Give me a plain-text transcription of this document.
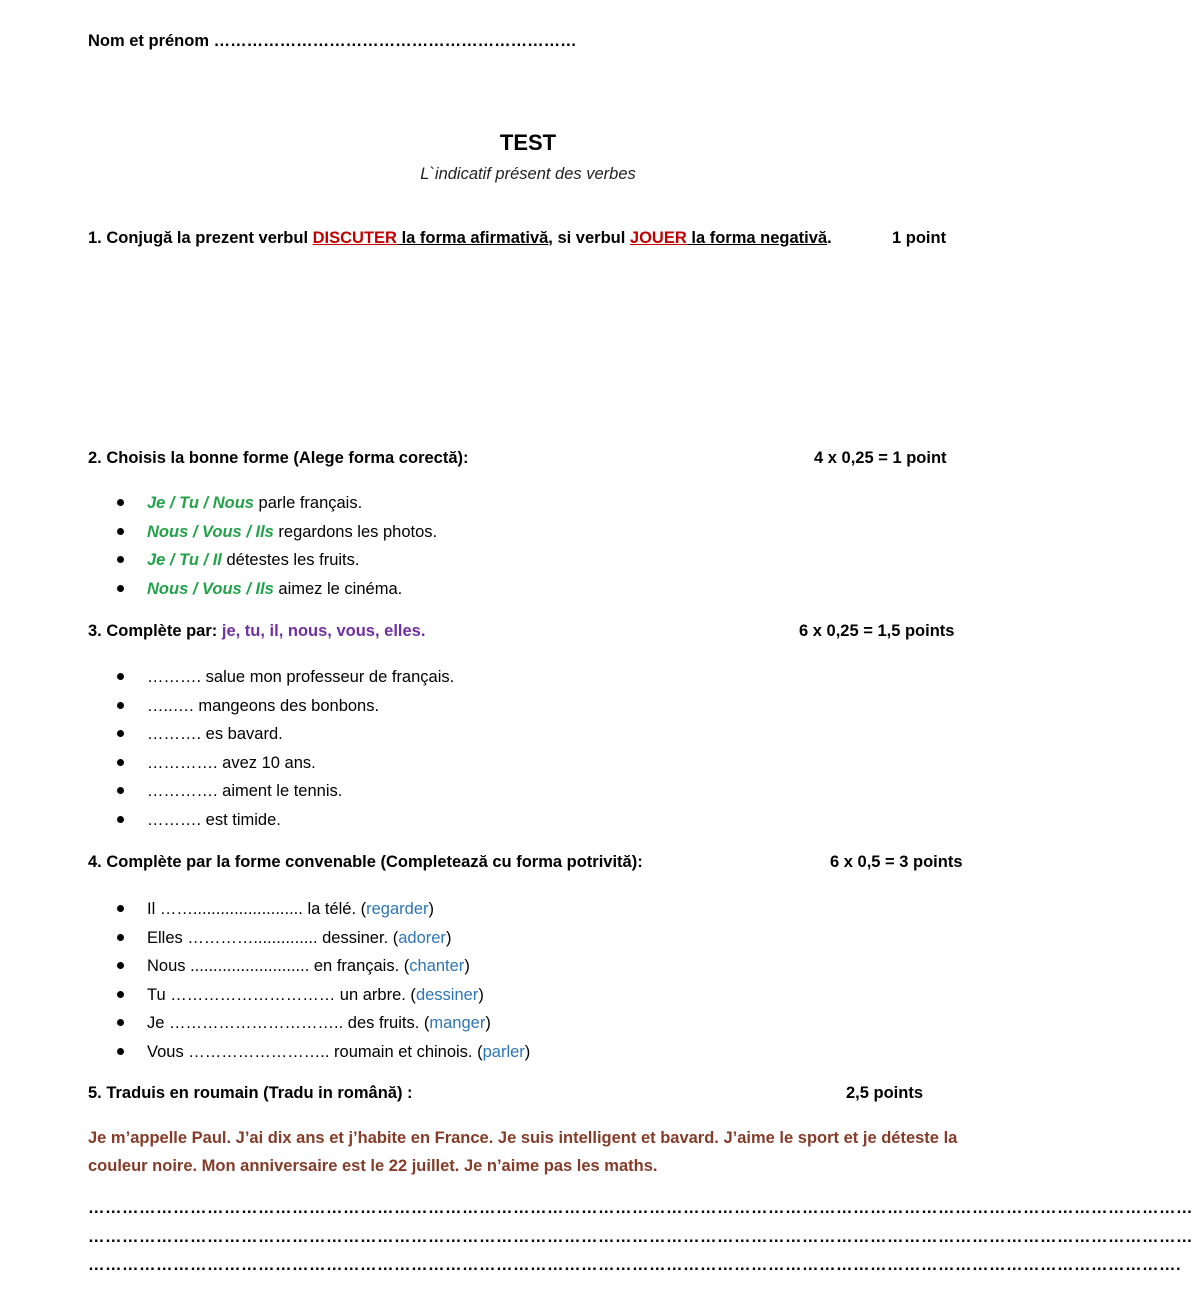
Nom et prénom …………………………………………………………
TEST
L`indicatif présent des verbes
1. Conjugă la prezent verbul DISCUTER la forma afirmativă, si verbul JOUER la forma negativă.	1 point
2. Choisis la bonne forme (Alege forma corectă):	4 x 0,25 = 1 point
Je / Tu / Nous parle français.
Nous / Vous / Ils regardons les photos.
Je / Tu / Il détestes les fruits.
Nous / Vous / Ils aimez le cinéma.
3. Complète par: je, tu, il, nous, vous, elles.	6 x 0,25 = 1,5 points
………. salue mon professeur de français.
…..…. mangeons des bonbons.
………. es bavard.
…………. avez 10 ans.
…………. aiment le tennis.
………. est timide.
4. Complète par la forme convenable (Completează cu forma potrivită):	6 x 0,5 = 3 points
Il ……........................ la télé. (regarder)
Elles ………….............. dessiner. (adorer)
Nous .......................... en français. (chanter)
Tu ………………………… un arbre. (dessiner)
Je ………………………….. des fruits. (manger)
Vous …………………….. roumain et chinois. (parler)
5. Traduis en roumain (Tradu in română) :	2,5 points
Je m’appelle Paul. J’ai dix ans et j’habite en France. Je suis intelligent et bavard. J’aime le sport et je déteste la couleur noire. Mon anniversaire est le 22 juillet. Je n’aime pas les maths.
……………………………………………………………………………………………………………………………………………………………………………
……………………………………………………………………………………………………………………………………………………………………………
………………………………………………………………………………………………………………………………………………………………………….
